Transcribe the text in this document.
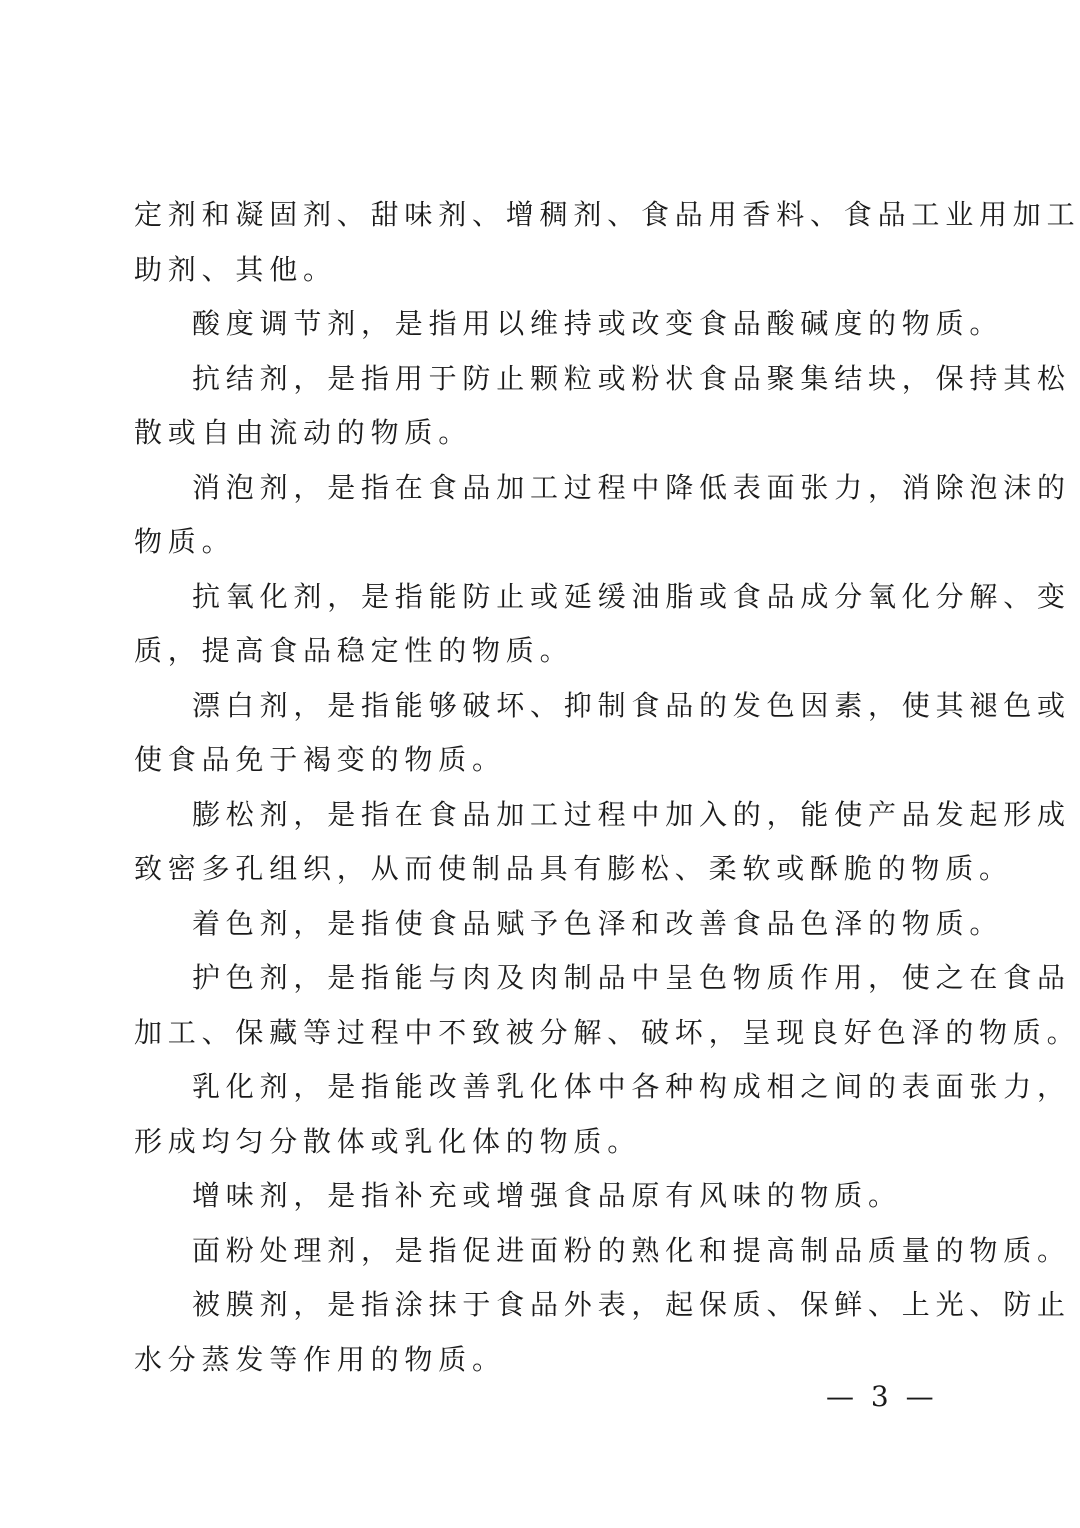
定剂和凝固剂、甜味剂、增稠剂、食品用香料、食品工业用加工
助剂、其他。
酸度调节剂，是指用以维持或改变食品酸碱度的物质。
抗结剂，是指用于防止颗粒或粉状食品聚集结块，保持其松
散或自由流动的物质。
消泡剂，是指在食品加工过程中降低表面张力，消除泡沫的
物质。
抗氧化剂，是指能防止或延缓油脂或食品成分氧化分解、变
质，提高食品稳定性的物质。
漂白剂，是指能够破坏、抑制食品的发色因素，使其褪色或
使食品免于褐变的物质。
膨松剂，是指在食品加工过程中加入的，能使产品发起形成
致密多孔组织，从而使制品具有膨松、柔软或酥脆的物质。
着色剂，是指使食品赋予色泽和改善食品色泽的物质。
护色剂，是指能与肉及肉制品中呈色物质作用，使之在食品
加工、保藏等过程中不致被分解、破坏，呈现良好色泽的物质。
乳化剂，是指能改善乳化体中各种构成相之间的表面张力，
形成均匀分散体或乳化体的物质。
增味剂，是指补充或增强食品原有风味的物质。
面粉处理剂，是指促进面粉的熟化和提高制品质量的物质。
被膜剂，是指涂抹于食品外表，起保质、保鲜、上光、防止
水分蒸发等作用的物质。
— 3 —
